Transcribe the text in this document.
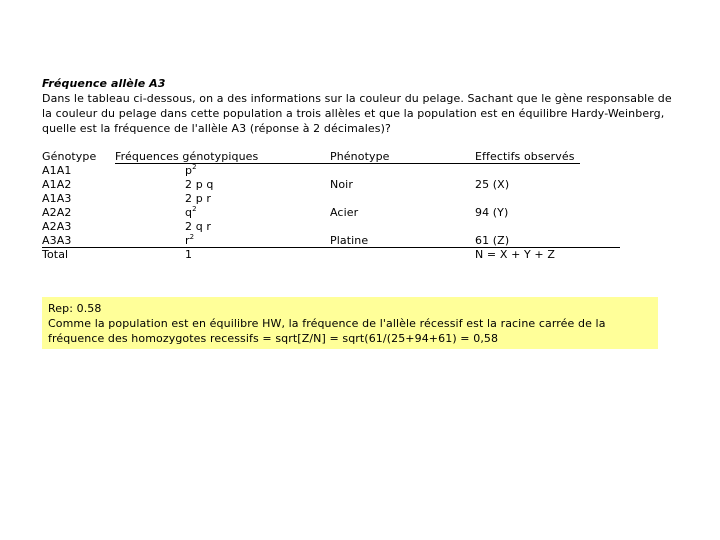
Fréquence allèle A3
Dans le tableau ci-dessous, on a des informations sur la couleur du pelage. Sachant que le gène responsable de
la couleur du pelage dans cette population a trois allèles et que la population est en équilibre Hardy-Weinberg,
quelle est la fréquence de l'allèle A3 (réponse à 2 décimales)?
Génotype Fréquences génotypiques	Phénotype	Effectifs observés
A1A1
A1A2
A1A3
A2A2
A2A3
A3A3
Total
$p^2$
2 p q
2 p r
$q^2$
2 q r
$r^2$
1
Noir
Acier
Platine
25 (X)
94 (Y)
61 (Z)
N = X + Y + Z
Rep: 0.58
Comme la population est en équilibre HW, la fréquence de l'allèle récessif est la racine carrée de la
fréquence des homozygotes recessifs = sqrt[Z/N] = sqrt(61/(25+94+61) = 0,58
